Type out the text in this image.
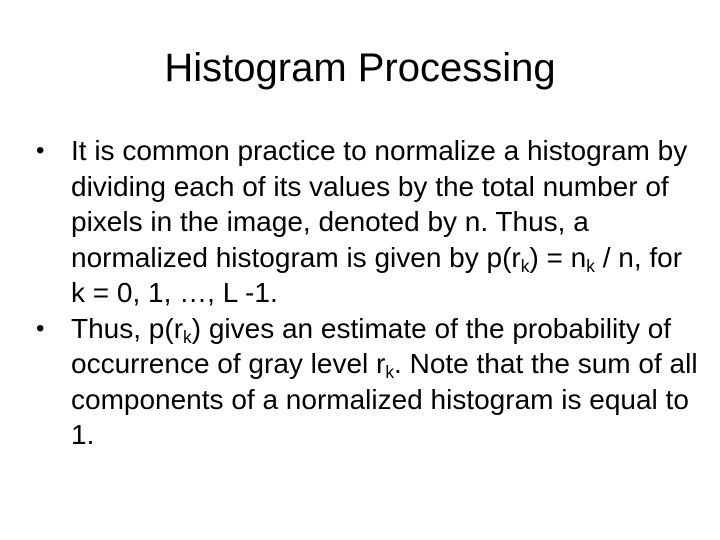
Histogram Processing
• It is common practice to normalize a histogram by dividing each of its values by the total number of pixels in the image, denoted by n. Thus, a normalized histogram is given by $p(r_k) = n_k / n$, for k = 0, 1, …, L -1.
• Thus, $p(r_k)$ gives an estimate of the probability of occurrence of gray level $r_k$. Note that the sum of all components of a normalized histogram is equal to 1.
